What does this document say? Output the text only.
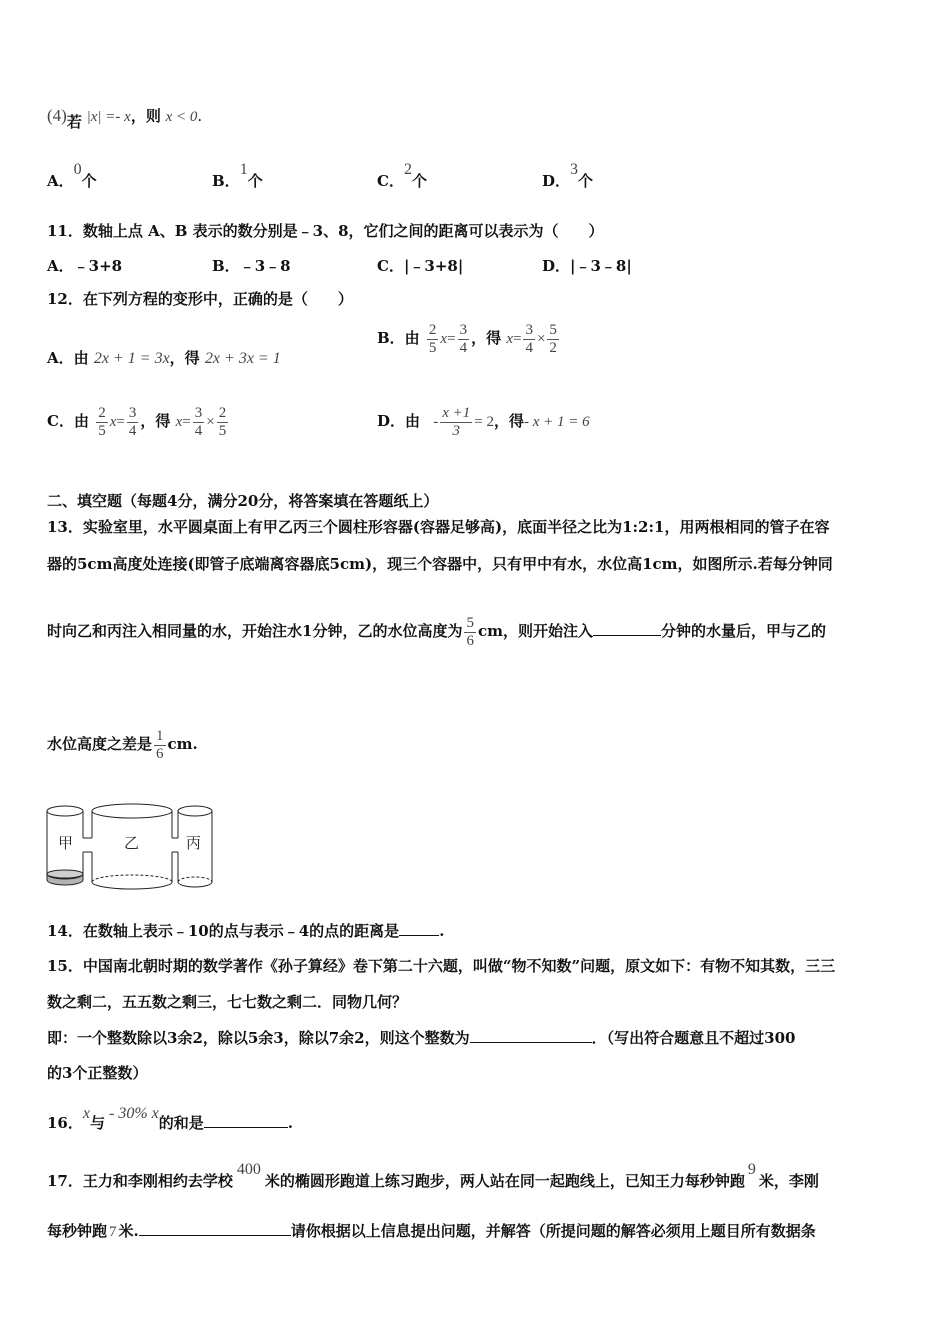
(4)若 |x| =- x，则 x < 0.
A．0个	B．1个	C．2个	D．3个
11．数轴上点 A、B 表示的数分别是﹣3、8，它们之间的距离可以表示为（　　）
A．﹣3+8	B．﹣3﹣8	C．|﹣3+8|	D．|﹣3﹣8|
12．在下列方程的变形中，正确的是（　　）
A．由 2x + 1 = 3x，得 2x + 3x = 1
B．由 $\frac{2}{5} x= \frac{3}{4}$ ，得 $x= \frac{3}{4} \times \frac{5}{2}$
C．由 $\frac{2}{5} x= \frac{3}{4}$ ，得 $x= \frac{3}{4} \times \frac{2}{5}$	D．由 - $\frac{x +1}{3} = 2$，得- x + 1 = 6
二、填空题（每题4分，满分20分，将答案填在答题纸上）
13．实验室里，水平圆桌面上有甲乙丙三个圆柱形容器(容器足够高)，底面半径之比为1:2:1，用两根相同的管子在容
器的5cm高度处连接(即管子底端离容器底5cm)，现三个容器中，只有甲中有水，水位高1cm，如图所示.若每分钟同
时向乙和丙注入相同量的水，开始注水1分钟，乙的水位高度为 $\frac{5}{6}$ cm，则开始注入	分钟的水量后，甲与乙的
水位高度之差是 $\frac{1}{6}$ cm.
甲	乙	丙
14．在数轴上表示﹣10的点与表示﹣4的点的距离是	.
15．中国南北朝时期的数学著作《孙子算经》卷下第二十六题，叫做“物不知数”问题，原文如下：有物不知其数，三三
数之剩二，五五数之剩三，七七数之剩二．同物几何？
即：一个整数除以3余2，除以5余3，除以7余2，则这个整数为	．（写出符合题意且不超过300
的3个正整数）
16．x与- 30% x的和是	.
17．王力和李刚相约去学校400米的椭圆形跑道上练习跑步，两人站在同一起跑线上，已知王力每秒钟跑9米，李刚
每秒钟跑 7 米.	请你根据以上信息提出问题，并解答（所提问题的解答必须用上题目所有数据条
